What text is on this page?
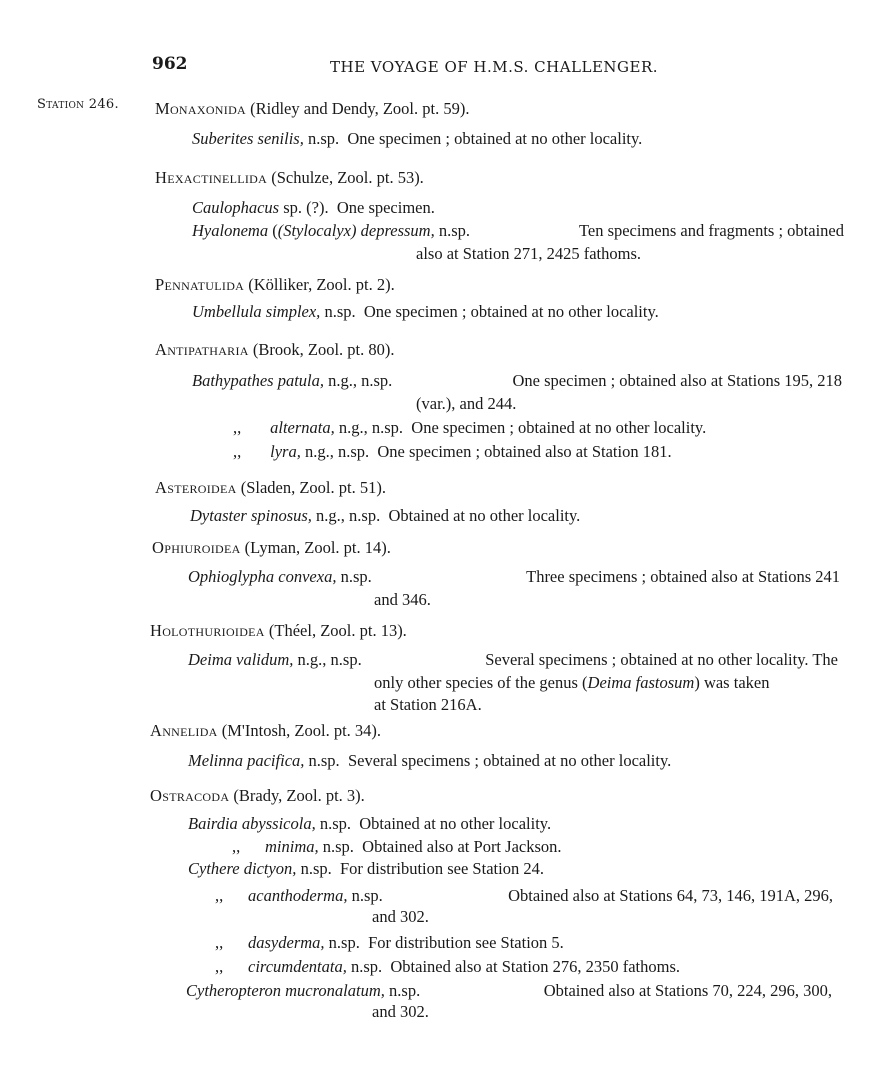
962	THE VOYAGE OF H.M.S. CHALLENGER.
Station 246. Monaxonida (Ridley and Dendy, Zool. pt. 59).
Suberites senilis, n.sp. One specimen ; obtained at no other locality.
Hexactinellida (Schulze, Zool. pt. 53).
Caulophacus sp. (?). One specimen.
Hyalonema ((Stylocalyx) depressum, n.sp.	Ten specimens and fragments ; obtained
also at Station 271, 2425 fathoms.
Pennatulida (Kölliker, Zool. pt. 2).
Umbellula simplex, n.sp. One specimen ; obtained at no other locality.
Antipatharia (Brook, Zool. pt. 80).
Bathypathes patula, n.g., n.sp.	One specimen ; obtained also at Stations 195, 218
(var.), and 244.
,, alternata, n.g., n.sp. One specimen ; obtained at no other locality.
,, lyra, n.g., n.sp. One specimen ; obtained also at Station 181.
Asteroidea (Sladen, Zool. pt. 51).
Dytaster spinosus, n.g., n.sp. Obtained at no other locality.
Ophiuroidea (Lyman, Zool. pt. 14).
Ophioglypha convexa, n.sp.	Three specimens ; obtained also at Stations 241
and 346.
Holothurioidea (Théel, Zool. pt. 13).
Deima validum, n.g., n.sp.	Several specimens ; obtained at no other locality. The
only other species of the genus (Deima fastosum) was taken
at Station 216A.
Annelida (M'Intosh, Zool. pt. 34).
Melinna pacifica, n.sp. Several specimens ; obtained at no other locality.
Ostracoda (Brady, Zool. pt. 3).
Bairdia abyssicola, n.sp. Obtained at no other locality.
,, minima, n.sp. Obtained also at Port Jackson.
Cythere dictyon, n.sp. For distribution see Station 24.
,, acanthoderma, n.sp.	Obtained also at Stations 64, 73, 146, 191A, 296,
and 302.
,, dasyderma, n.sp. For distribution see Station 5.
,, circumdentata, n.sp. Obtained also at Station 276, 2350 fathoms.
Cytheropteron mucronalatum, n.sp.	Obtained also at Stations 70, 224, 296, 300,
and 302.
